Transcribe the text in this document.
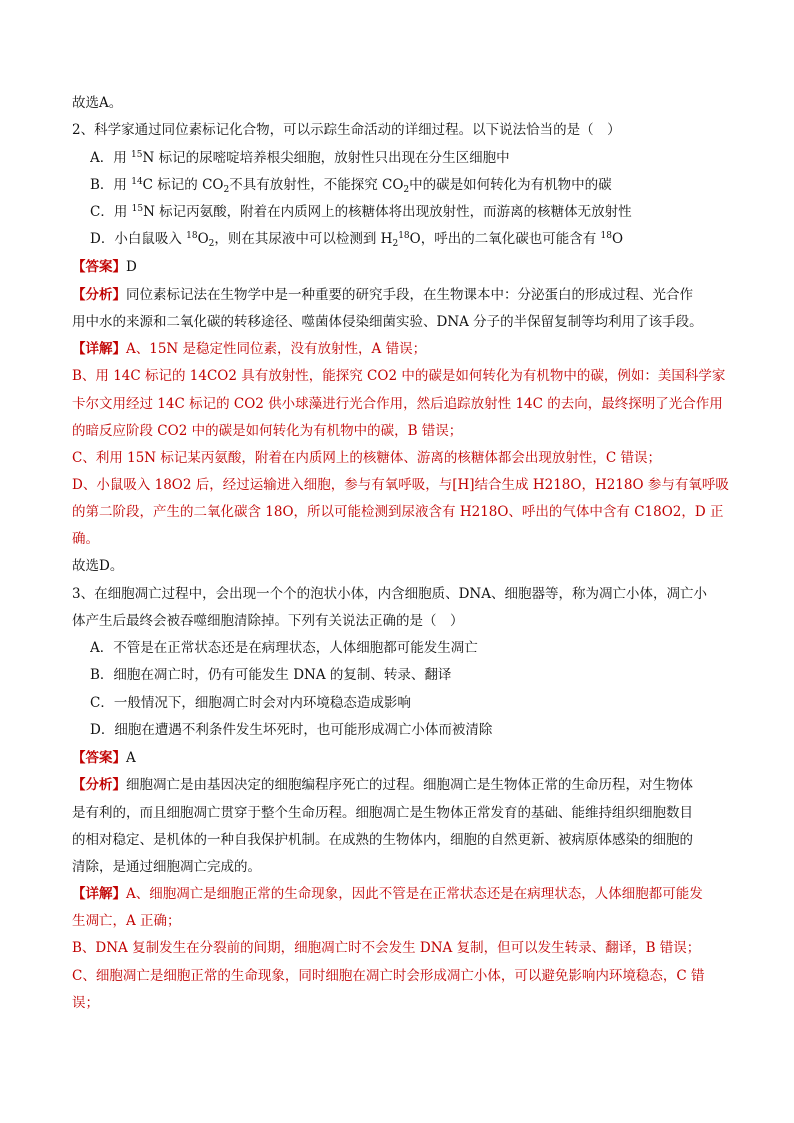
故选A。
2、科学家通过同位素标记化合物，可以示踪生命活动的详细过程。以下说法恰当的是（　）
A．用 $^{15}$N 标记的尿嘧啶培养根尖细胞，放射性只出现在分生区细胞中
B．用 $^{14}$C 标记的 $CO_2$不具有放射性，不能探究 $CO_2$中的碳是如何转化为有机物中的碳
C．用 $^{15}$N 标记丙氨酸，附着在内质网上的核糖体将出现放射性，而游离的核糖体无放射性
D．小白鼠吸入 $^{18}O_2$，则在其尿液中可以检测到 $H_2^{18}O$，呼出的二氧化碳也可能含有 $^{18}$O
【答案】D
【分析】同位素标记法在生物学中是一种重要的研究手段，在生物课本中：分泌蛋白的形成过程、光合作
用中水的来源和二氧化碳的转移途径、噬菌体侵染细菌实验、DNA 分子的半保留复制等均利用了该手段。
【详解】A、15N 是稳定性同位素，没有放射性，A 错误；
B、用 14C 标记的 14CO2 具有放射性，能探究 CO2 中的碳是如何转化为有机物中的碳，例如：美国科学家
卡尔文用经过 14C 标记的 CO2 供小球藻进行光合作用，然后追踪放射性 14C 的去向，最终探明了光合作用
的暗反应阶段 CO2 中的碳是如何转化为有机物中的碳，B 错误；
C、利用 15N 标记某丙氨酸，附着在内质网上的核糖体、游离的核糖体都会出现放射性，C 错误；
D、小鼠吸入 18O2 后，经过运输进入细胞，参与有氧呼吸，与[H]结合生成 H218O，H218O 参与有氧呼吸
的第二阶段，产生的二氧化碳含 18O，所以可能检测到尿液含有 H218O、呼出的气体中含有 C18O2，D 正
确。
故选D。
3、在细胞凋亡过程中，会出现一个个的泡状小体，内含细胞质、DNA、细胞器等，称为凋亡小体，凋亡小
体产生后最终会被吞噬细胞清除掉。下列有关说法正确的是（　）
A．不管是在正常状态还是在病理状态，人体细胞都可能发生凋亡
B．细胞在凋亡时，仍有可能发生 DNA 的复制、转录、翻译
C．一般情况下，细胞凋亡时会对内环境稳态造成影响
D．细胞在遭遇不利条件发生坏死时，也可能形成凋亡小体而被清除
【答案】A
【分析】细胞凋亡是由基因决定的细胞编程序死亡的过程。细胞凋亡是生物体正常的生命历程，对生物体
是有利的，而且细胞凋亡贯穿于整个生命历程。细胞凋亡是生物体正常发育的基础、能维持组织细胞数目
的相对稳定、是机体的一种自我保护机制。在成熟的生物体内，细胞的自然更新、被病原体感染的细胞的
清除，是通过细胞凋亡完成的。
【详解】A、细胞凋亡是细胞正常的生命现象，因此不管是在正常状态还是在病理状态，人体细胞都可能发
生凋亡，A 正确；
B、DNA 复制发生在分裂前的间期，细胞凋亡时不会发生 DNA 复制，但可以发生转录、翻译，B 错误；
C、细胞凋亡是细胞正常的生命现象，同时细胞在凋亡时会形成凋亡小体，可以避免影响内环境稳态，C 错
误；
